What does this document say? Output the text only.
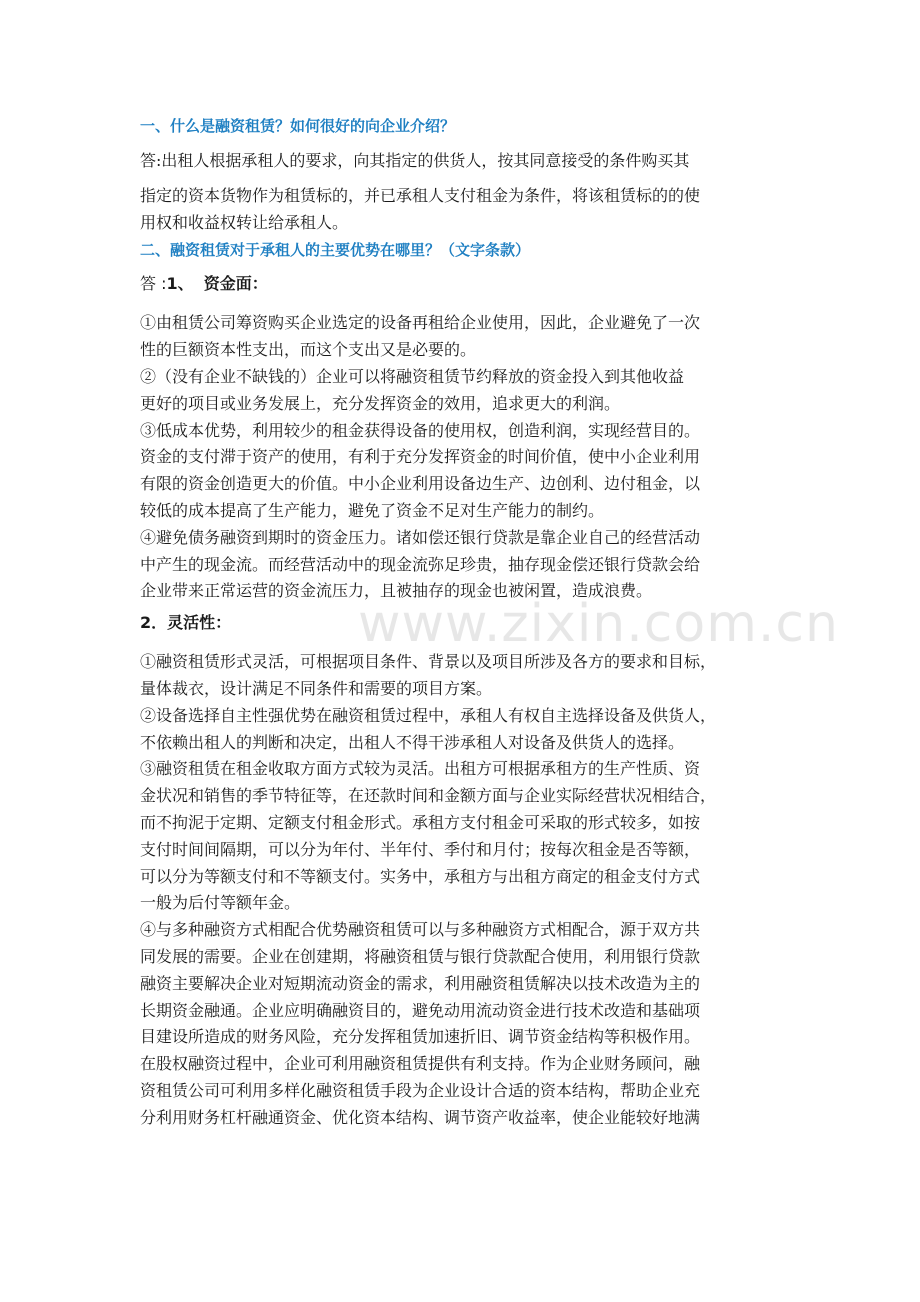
一、什么是融资租赁？如何很好的向企业介绍？

答:出租人根据承租人的要求，向其指定的供货人，按其同意接受的条件购买其

指定的资本货物作为租赁标的，并已承租人支付租金为条件，将该租赁标的的使
用权和收益权转让给承租人。

二、融资租赁对于承租人的主要优势在哪里？（文字条款）
答 :1、 资金面：

①由租赁公司筹资购买企业选定的设备再租给企业使用，因此，企业避免了一次
性的巨额资本性支出，而这个支出又是必要的。

②（没有企业不缺钱的）企业可以将融资租赁节约释放的资金投入到其他收益
更好的项目或业务发展上，充分发挥资金的效用，追求更大的利润。

③低成本优势，利用较少的租金获得设备的使用权，创造利润，实现经营目的。
资金的支付滞于资产的使用，有利于充分发挥资金的时间价值，使中小企业利用
有限的资金创造更大的价值。中小企业利用设备边生产、边创利、边付租金，以
较低的成本提高了生产能力，避免了资金不足对生产能力的制约。

④避免债务融资到期时的资金压力。诸如偿还银行贷款是靠企业自己的经营活动
中产生的现金流。而经营活动中的现金流弥足珍贵，抽存现金偿还银行贷款会给
企业带来正常运营的资金流压力，且被抽存的现金也被闲置，造成浪费。

2．灵活性：

①融资租赁形式灵活，可根据项目条件、背景以及项目所涉及各方的要求和目标，
量体裁衣，设计满足不同条件和需要的项目方案。

②设备选择自主性强优势在融资租赁过程中，承租人有权自主选择设备及供货人，
不依赖出租人的判断和决定，出租人不得干涉承租人对设备及供货人的选择。

③融资租赁在租金收取方面方式较为灵活。出租方可根据承租方的生产性质、资
金状况和销售的季节特征等，在还款时间和金额方面与企业实际经营状况相结合，
而不拘泥于定期、定额支付租金形式。承租方支付租金可采取的形式较多，如按
支付时间间隔期，可以分为年付、半年付、季付和月付；按每次租金是否等额，
可以分为等额支付和不等额支付。实务中，承租方与出租方商定的租金支付方式
一般为后付等额年金。

④与多种融资方式相配合优势融资租赁可以与多种融资方式相配合，源于双方共
同发展的需要。企业在创建期，将融资租赁与银行贷款配合使用，利用银行贷款
融资主要解决企业对短期流动资金的需求，利用融资租赁解决以技术改造为主的
长期资金融通。企业应明确融资目的，避免动用流动资金进行技术改造和基础项
目建设所造成的财务风险，充分发挥租赁加速折旧、调节资金结构等积极作用。
在股权融资过程中，企业可利用融资租赁提供有利支持。作为企业财务顾问，融
资租赁公司可利用多样化融资租赁手段为企业设计合适的资本结构，帮助企业充
分利用财务杠杆融通资金、优化资本结构、调节资产收益率，使企业能较好地满

www.zixin.com.cn
